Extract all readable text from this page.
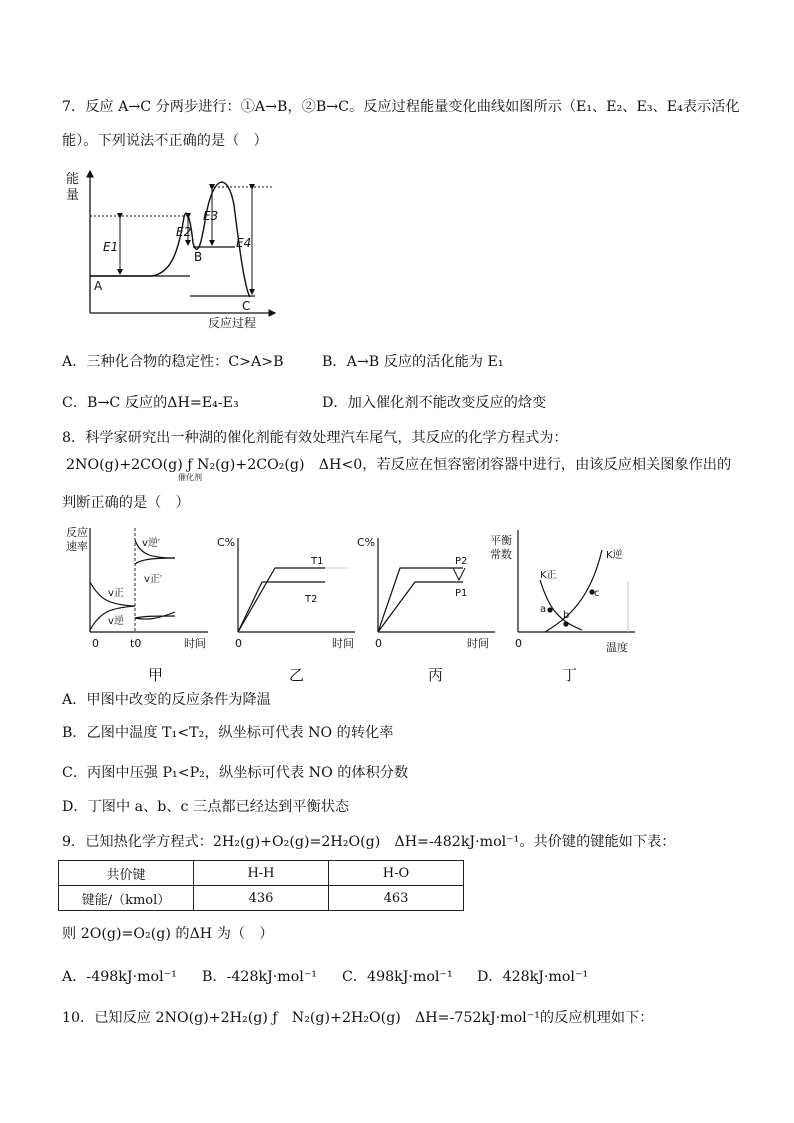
7．反应 A→C 分两步进行：①A→B，②B→C。反应过程能量变化曲线如图所示（E₁、E₂、E₃、E₄表示活化
能）。下列说法不正确的是（　）
能
量
E1
E2
E3
E4
A
B
C
反应过程
A．三种化合物的稳定性：C>A>B	B．A→B 反应的活化能为 E₁
C．B→C 反应的ΔH=E₄-E₃	D．加入催化剂不能改变反应的焓变
8．科学家研究出一种湖的催化剂能有效处理汽车尾气，其反应的化学方程式为：
2NO(g)+2CO(g) ƒ N₂(g)+2CO₂(g)　ΔH<0，若反应在恒容密闭容器中进行，由该反应相关图象作出的
催化剂
判断正确的是（　）
反应
速率	v逆′
v正′
v正
v逆
0	t0	时间
C%
T1
T2
0	时间
C%
P2
P1
0	时间
平衡
常数
K正
K逆
a
b
c
0	温度
甲	乙	丙	丁
A．甲图中改变的反应条件为降温
B．乙图中温度 T₁<T₂，纵坐标可代表 NO 的转化率
C．丙图中压强 P₁<P₂，纵坐标可代表 NO 的体积分数
D．丁图中 a、b、c 三点都已经达到平衡状态
9．已知热化学方程式：2H₂(g)+O₂(g)=2H₂O(g)　ΔH=-482kJ·mol⁻¹。共价键的键能如下表：
共价键	H-H	H-O
键能/（kmol）	436	463
则 2O(g)=O₂(g) 的ΔH 为（　）
A．-498kJ·mol⁻¹ B．-428kJ·mol⁻¹ C．498kJ·mol⁻¹ D．428kJ·mol⁻¹
10．已知反应 2NO(g)+2H₂(g) ƒ　N₂(g)+2H₂O(g)　ΔH=-752kJ·mol⁻¹的反应机理如下：
